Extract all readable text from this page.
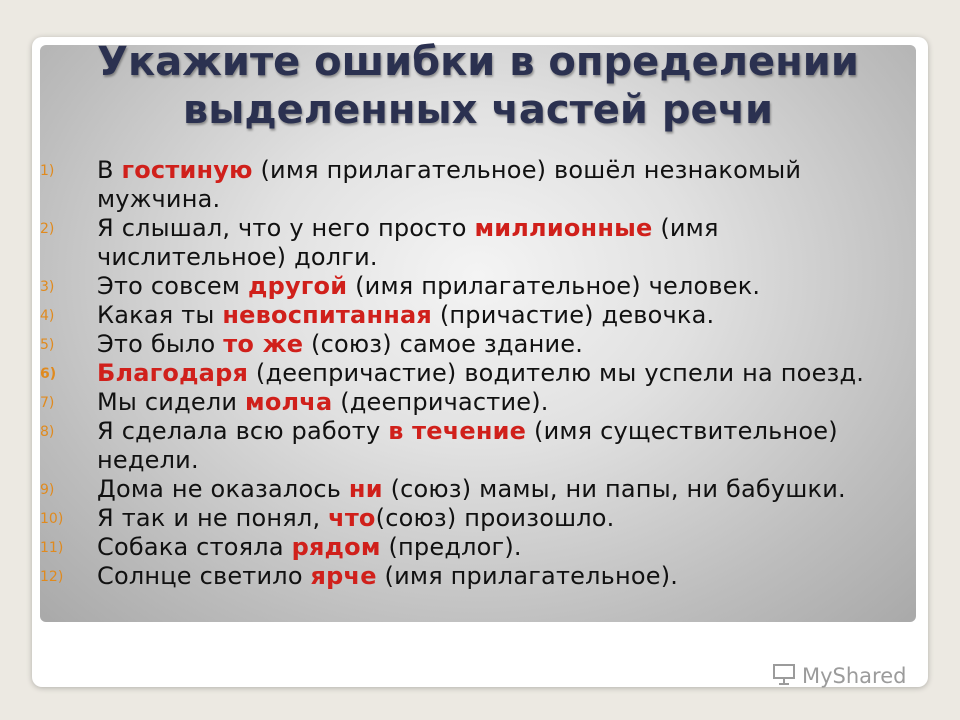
Укажите ошибки в определении
выделенных частей речи
1)	В гостиную (имя прилагательное) вошёл незнакомый мужчина.
2)	Я слышал, что у него просто миллионные (имя числительное) долги.
3)	Это совсем другой (имя прилагательное) человек.
4)	Какая ты невоспитанная (причастие) девочка.
5)	Это было то же (союз) самое здание.
6)	Благодаря (деепричастие) водителю мы успели на поезд.
7)	Мы сидели молча (деепричастие).
8)	Я сделала всю работу в течение (имя существительное) недели.
9)	Дома не оказалось ни (союз) мамы, ни папы, ни бабушки.
10)	Я так и не понял, что(союз) произошло.
11)	Собака стояла рядом (предлог).
12)	Солнце светило ярче (имя прилагательное).
MyShared
